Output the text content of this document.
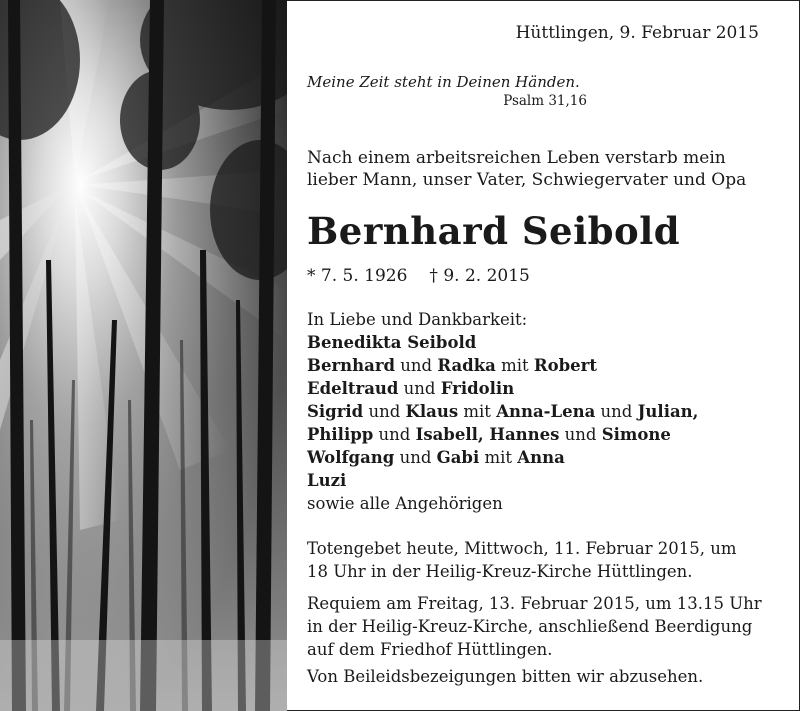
Hüttlingen, 9. Februar 2015
Meine Zeit steht in Deinen Händen.
Psalm 31,16
Nach einem arbeitsreichen Leben verstarb mein
lieber Mann, unser Vater, Schwiegervater und Opa
Bernhard Seibold
* 7. 5. 1926 † 9. 2. 2015
In Liebe und Dankbarkeit:
Benedikta Seibold
Bernhard und Radka mit Robert
Edeltraud und Fridolin
Sigrid und Klaus mit Anna-Lena und Julian,
Philipp und Isabell, Hannes und Simone
Wolfgang und Gabi mit Anna
Luzi
sowie alle Angehörigen
Totengebet heute, Mittwoch, 11. Februar 2015, um
18 Uhr in der Heilig-Kreuz-Kirche Hüttlingen.
Requiem am Freitag, 13. Februar 2015, um 13.15 Uhr
in der Heilig-Kreuz-Kirche, anschließend Beerdigung
auf dem Friedhof Hüttlingen.
Von Beileidsbezeigungen bitten wir abzusehen.
